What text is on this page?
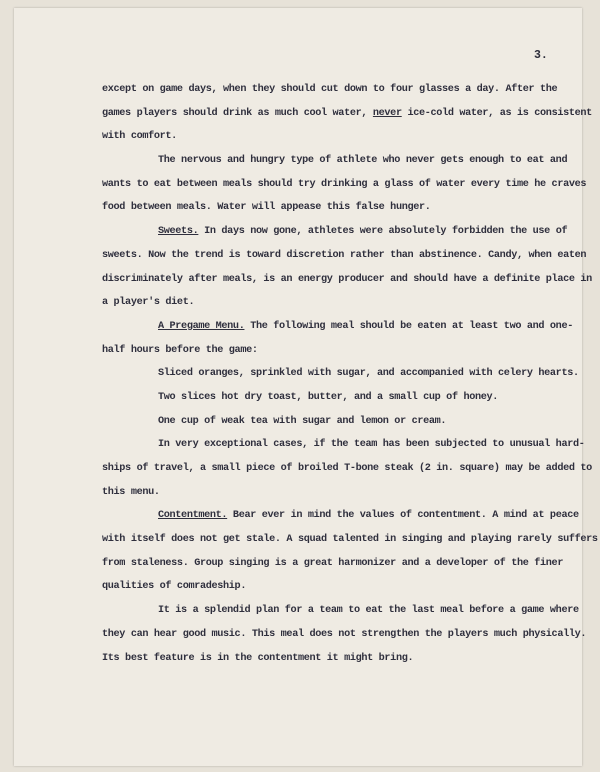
3.
except on game days, when they should cut down to four glasses a day. After the
games players should drink as much cool water, never ice-cold water, as is consistent
with comfort.
The nervous and hungry type of athlete who never gets enough to eat and
wants to eat between meals should try drinking a glass of water every time he craves
food between meals. Water will appease this false hunger.
Sweets. In days now gone, athletes were absolutely forbidden the use of
sweets. Now the trend is toward discretion rather than abstinence. Candy, when eaten
discriminately after meals, is an energy producer and should have a definite place in
a player's diet.
A Pregame Menu. The following meal should be eaten at least two and one-
half hours before the game:
Sliced oranges, sprinkled with sugar, and accompanied with celery hearts.
Two slices hot dry toast, butter, and a small cup of honey.
One cup of weak tea with sugar and lemon or cream.
In very exceptional cases, if the team has been subjected to unusual hard-
ships of travel, a small piece of broiled T-bone steak (2 in. square) may be added to
this menu.
Contentment. Bear ever in mind the values of contentment. A mind at peace
with itself does not get stale. A squad talented in singing and playing rarely suffers
from staleness. Group singing is a great harmonizer and a developer of the finer
qualities of comradeship.
It is a splendid plan for a team to eat the last meal before a game where
they can hear good music. This meal does not strengthen the players much physically.
Its best feature is in the contentment it might bring.
